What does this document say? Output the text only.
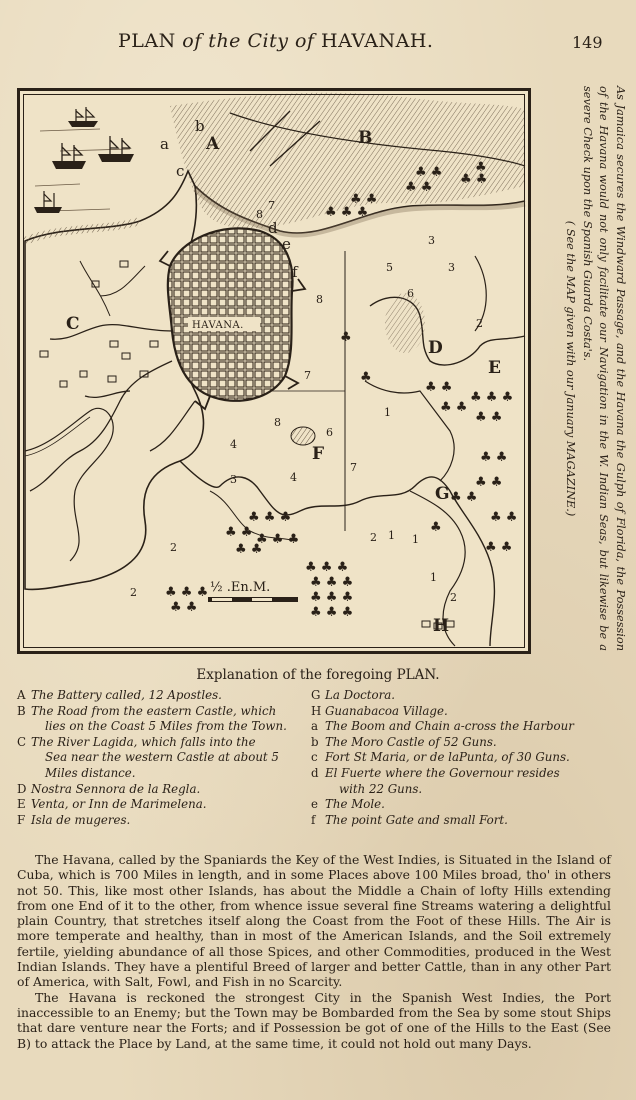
PLAN of the City of HAVANAH.	149
HAVANA.
♣ ♣ ♣
♣ ♣
♣ ♣
♣ ♣ ♣ ♣
♣
♣ ♣
♣ ♣
♣ ♣ ♣
♣ ♣
♣ ♣
♣ ♣
♣ ♣
♣ ♣
♣ ♣
♣
♣ ♣
♣ ♣ ♣
♣ ♣ ♣
♣ ♣
♣ ♣ ♣
♣ ♣ ♣
♣ ♣ ♣
♣ ♣ ♣
♣ ♣ ♣
♣ ♣
♣
♣
½ .En.M.
A	B
C
D
E
F
G
H
a
b
c
d
e
f
8
7
8
5
6
3
2
3
7
8
6
7
4
3
1
2
1
2	1
1
2
4
2	As Jamaica secures the Windward Passage, and the Havana the Gulph of Florida, the Possession of the Havana would not only facilitate our Navigation in the W. Indian Seas, but likewise be a severe Check upon the Spanish Guarda Costa's.
( See the MAP given with our January MAGAZINE.)
Explanation of the foregoing PLAN.
A The Battery called, 12 Apostles.
B The Road from the eastern Castle, which
lies on the Coast 5 Miles from the Town.
C The River Lagida, which falls into the
Sea near the western Castle at about 5
Miles distance.
D Nostra Sennora de la Regla.
E Venta, or Inn de Marimelena.
F Isla de mugeres.
G La Doctora.
H Guanabacoa Village.
a The Boom and Chain a-cross the Harbour
b The Moro Castle of 52 Guns.
c Fort St Maria, or de laPunta, of 30 Guns.
d El Fuerte where the Governour resides
with 22 Guns.
e The Mole.
f The point Gate and small Fort.

The Havana, called by the Spaniards the Key of the West Indies, is Situated in the Island of Cuba, which is 700 Miles in length, and in some Places above 100 Miles broad, tho' in others not 50. This, like most other Islands, has about the Middle a Chain of lofty Hills extending from one End of it to the other, from whence issue several fine Streams watering a delightful plain Country, that stretches itself along the Coast from the Foot of these Hills. The Air is more temperate and healthy, than in most of the American Islands, and the Soil extremely fertile, yielding abundance of all those Spices, and other Commodities, produced in the West Indian Islands. They have a plentiful Breed of larger and better Cattle, than in any other Part of America, with Salt, Fowl, and Fish in no Scarcity.

The Havana is reckoned the strongest City in the Spanish West Indies, the Port inaccessible to an Enemy; but the Town may be Bombarded from the Sea by some stout Ships that dare venture near the Forts; and if Possession be got of one of the Hills to the East (See B) to attack the Place by Land, at the same time, it could not hold out many Days.
